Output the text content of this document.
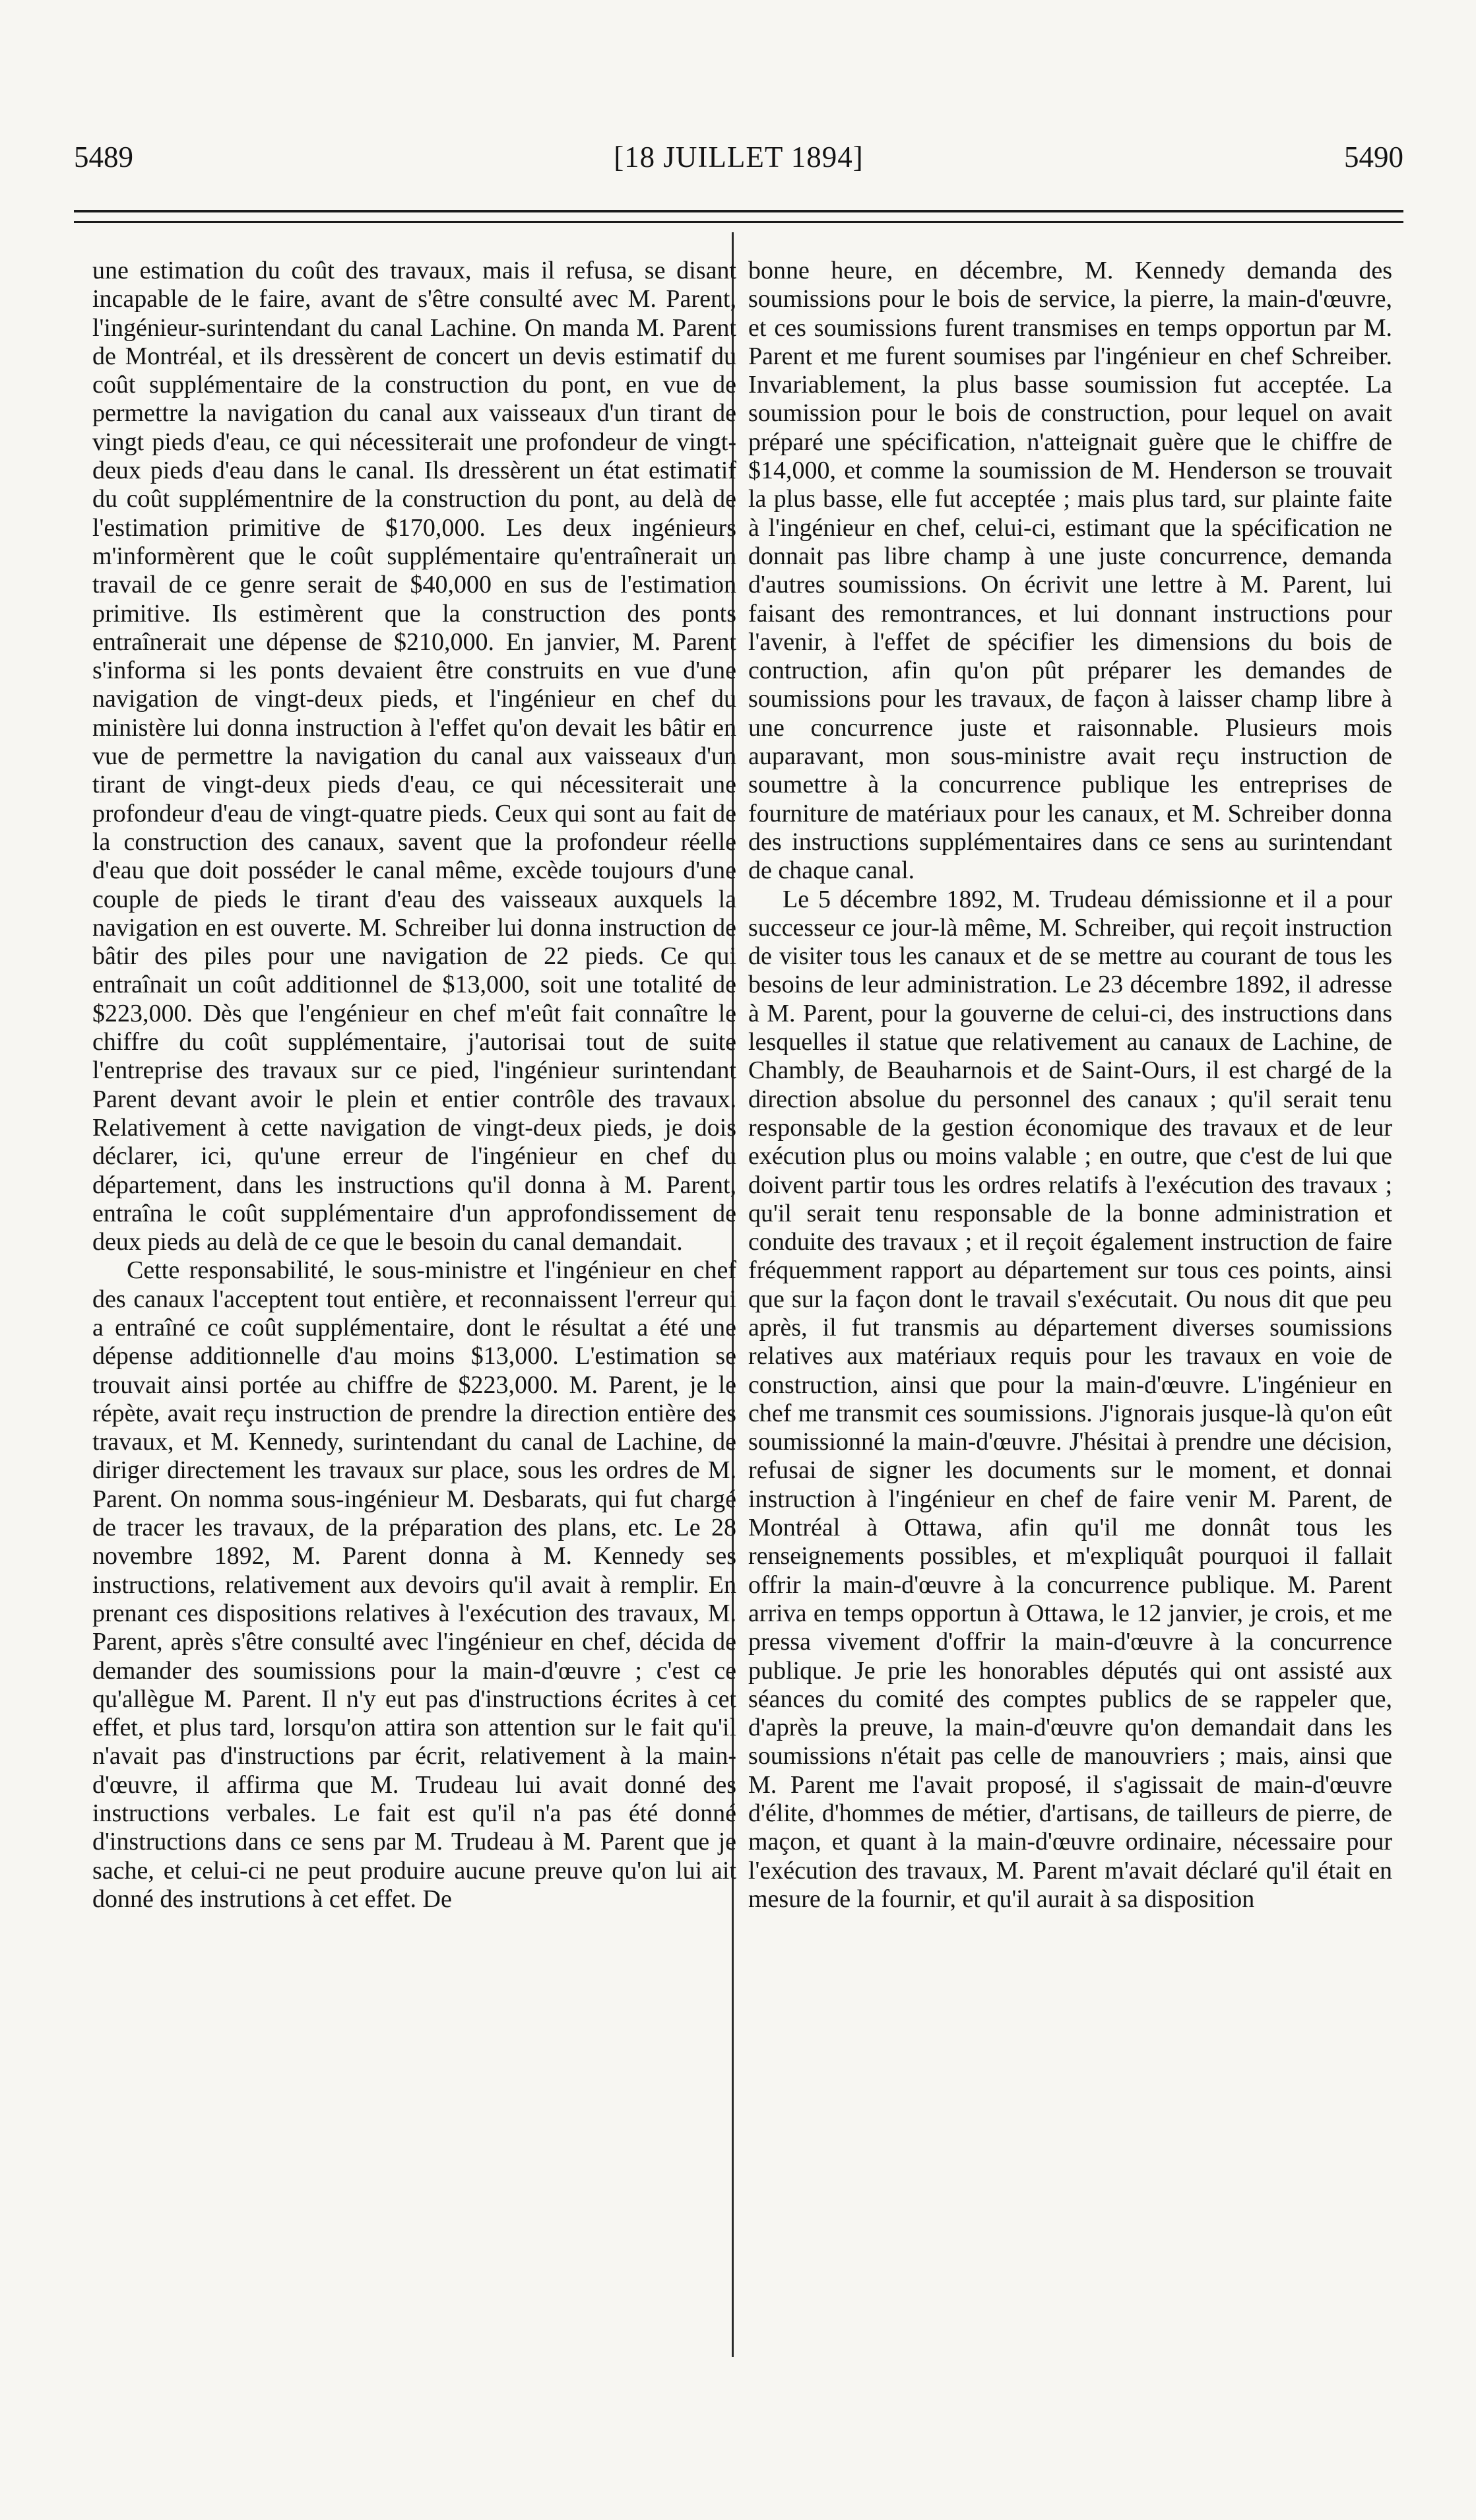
5489	[18 JUILLET 1894]	5490

une estimation du coût des travaux, mais il refusa, se disant incapable de le faire, avant de s'être consulté avec M. Parent, l'ingénieur-surintendant du canal Lachine. On manda M. Parent de Montréal, et ils dressèrent de concert un devis estimatif du coût supplémentaire de la construction du pont, en vue de permettre la navigation du canal aux vaisseaux d'un tirant de vingt pieds d'eau, ce qui nécessiterait une profondeur de vingt-deux pieds d'eau dans le canal. Ils dressèrent un état estimatif du coût supplémentnire de la construction du pont, au delà de l'estimation primitive de $170,000. Les deux ingénieurs m'informèrent que le coût supplémentaire qu'entraînerait un travail de ce genre serait de $40,000 en sus de l'estimation primitive. Ils estimèrent que la construction des ponts entraînerait une dépense de $210,000. En janvier, M. Parent s'informa si les ponts devaient être construits en vue d'une navigation de vingt-deux pieds, et l'ingénieur en chef du ministère lui donna instruction à l'effet qu'on devait les bâtir en vue de permettre la navigation du canal aux vaisseaux d'un tirant de vingt-deux pieds d'eau, ce qui nécessiterait une profondeur d'eau de vingt-quatre pieds. Ceux qui sont au fait de la construction des canaux, savent que la profondeur réelle d'eau que doit posséder le canal même, excède toujours d'une couple de pieds le tirant d'eau des vaisseaux auxquels la navigation en est ouverte. M. Schreiber lui donna instruction de bâtir des piles pour une navigation de 22 pieds. Ce qui entraînait un coût additionnel de $13,000, soit une totalité de $223,000. Dès que l'engénieur en chef m'eût fait connaître le chiffre du coût supplémentaire, j'autorisai tout de suite l'entreprise des travaux sur ce pied, l'ingénieur surintendant Parent devant avoir le plein et entier contrôle des travaux. Relativement à cette navigation de vingt-deux pieds, je dois déclarer, ici, qu'une erreur de l'ingénieur en chef du département, dans les instructions qu'il donna à M. Parent, entraîna le coût supplémentaire d'un approfondissement de deux pieds au delà de ce que le besoin du canal demandait.

Cette responsabilité, le sous-ministre et l'ingénieur en chef des canaux l'acceptent tout entière, et reconnaissent l'erreur qui a entraîné ce coût supplémentaire, dont le résultat a été une dépense additionnelle d'au moins $13,000. L'estimation se trouvait ainsi portée au chiffre de $223,000. M. Parent, je le répète, avait reçu instruction de prendre la direction entière des travaux, et M. Kennedy, surintendant du canal de Lachine, de diriger directement les travaux sur place, sous les ordres de M. Parent. On nomma sous-ingénieur M. Desbarats, qui fut chargé de tracer les travaux, de la préparation des plans, etc. Le 28 novembre 1892, M. Parent donna à M. Kennedy ses instructions, relativement aux devoirs qu'il avait à remplir. En prenant ces dispositions relatives à l'exécution des travaux, M. Parent, après s'être consulté avec l'ingénieur en chef, décida de demander des soumissions pour la main-d'œuvre ; c'est ce qu'allègue M. Parent. Il n'y eut pas d'instructions écrites à cet effet, et plus tard, lorsqu'on attira son attention sur le fait qu'il n'avait pas d'instructions par écrit, relativement à la main-d'œuvre, il affirma que M. Trudeau lui avait donné des instructions verbales. Le fait est qu'il n'a pas été donné d'instructions dans ce sens par M. Trudeau à M. Parent que je sache, et celui-ci ne peut produire aucune preuve qu'on lui ait donné des instrutions à cet effet. De

bonne heure, en décembre, M. Kennedy demanda des soumissions pour le bois de service, la pierre, la main-d'œuvre, et ces soumissions furent transmises en temps opportun par M. Parent et me furent soumises par l'ingénieur en chef Schreiber. Invariablement, la plus basse soumission fut acceptée. La soumission pour le bois de construction, pour lequel on avait préparé une spécification, n'atteignait guère que le chiffre de $14,000, et comme la soumission de M. Henderson se trouvait la plus basse, elle fut acceptée ; mais plus tard, sur plainte faite à l'ingénieur en chef, celui-ci, estimant que la spécification ne donnait pas libre champ à une juste concurrence, demanda d'autres soumissions. On écrivit une lettre à M. Parent, lui faisant des remontrances, et lui donnant instructions pour l'avenir, à l'effet de spécifier les dimensions du bois de contruction, afin qu'on pût préparer les demandes de soumissions pour les travaux, de façon à laisser champ libre à une concurrence juste et raisonnable. Plusieurs mois auparavant, mon sous-ministre avait reçu instruction de soumettre à la concurrence publique les entreprises de fourniture de matériaux pour les canaux, et M. Schreiber donna des instructions supplémentaires dans ce sens au surintendant de chaque canal.

Le 5 décembre 1892, M. Trudeau démissionne et il a pour successeur ce jour-là même, M. Schreiber, qui reçoit instruction de visiter tous les canaux et de se mettre au courant de tous les besoins de leur administration. Le 23 décembre 1892, il adresse à M. Parent, pour la gouverne de celui-ci, des instructions dans lesquelles il statue que relativement au canaux de Lachine, de Chambly, de Beauharnois et de Saint-Ours, il est chargé de la direction absolue du personnel des canaux ; qu'il serait tenu responsable de la gestion économique des travaux et de leur exécution plus ou moins valable ; en outre, que c'est de lui que doivent partir tous les ordres relatifs à l'exécution des travaux ; qu'il serait tenu responsable de la bonne administration et conduite des travaux ; et il reçoit également instruction de faire fréquemment rapport au département sur tous ces points, ainsi que sur la façon dont le travail s'exécutait. Ou nous dit que peu après, il fut transmis au département diverses soumissions relatives aux matériaux requis pour les travaux en voie de construction, ainsi que pour la main-d'œuvre. L'ingénieur en chef me transmit ces soumissions. J'ignorais jusque-là qu'on eût soumissionné la main-d'œuvre. J'hésitai à prendre une décision, refusai de signer les documents sur le moment, et donnai instruction à l'ingénieur en chef de faire venir M. Parent, de Montréal à Ottawa, afin qu'il me donnât tous les renseignements possibles, et m'expliquât pourquoi il fallait offrir la main-d'œuvre à la concurrence publique. M. Parent arriva en temps opportun à Ottawa, le 12 janvier, je crois, et me pressa vivement d'offrir la main-d'œuvre à la concurrence publique. Je prie les honorables députés qui ont assisté aux séances du comité des comptes publics de se rappeler que, d'après la preuve, la main-d'œuvre qu'on demandait dans les soumissions n'était pas celle de manouvriers ; mais, ainsi que M. Parent me l'avait proposé, il s'agissait de main-d'œuvre d'élite, d'hommes de métier, d'artisans, de tailleurs de pierre, de maçon, et quant à la main-d'œuvre ordinaire, nécessaire pour l'exécution des travaux, M. Parent m'avait déclaré qu'il était en mesure de la fournir, et qu'il aurait à sa disposition
